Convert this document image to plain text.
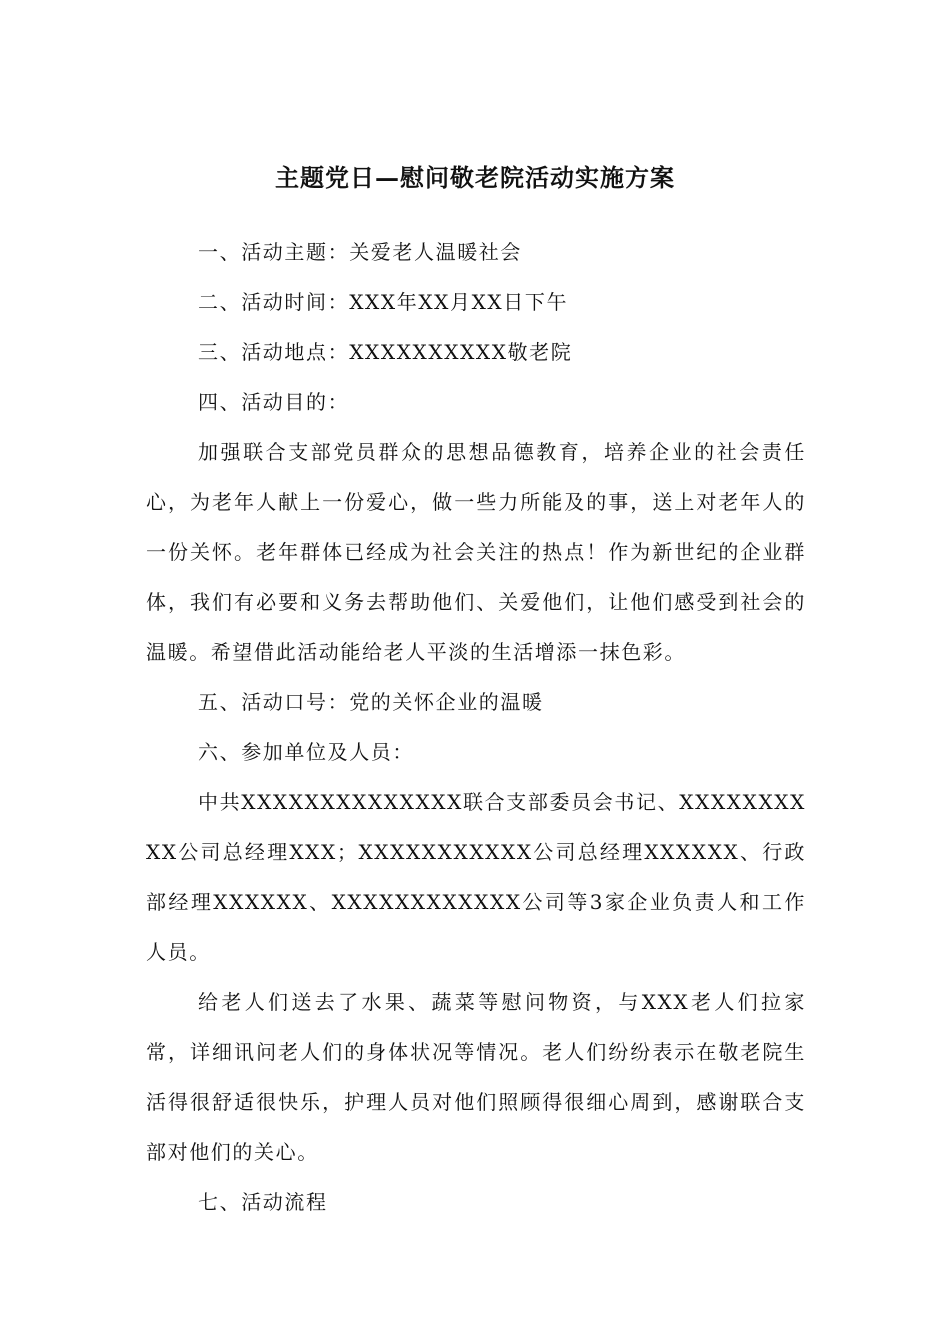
主题党日—慰问敬老院活动实施方案
一、活动主题：关爱老人温暖社会
二、活动时间：XXX年XX月XX日下午
三、活动地点：XXXXXXXXXX敬老院
四、活动目的：
加强联合支部党员群众的思想品德教育，培养企业的社会责任心，为老年人献上一份爱心，做一些力所能及的事，送上对老年人的一份关怀。老年群体已经成为社会关注的热点！作为新世纪的企业群体，我们有必要和义务去帮助他们、关爱他们，让他们感受到社会的温暖。希望借此活动能给老人平淡的生活增添一抹色彩。
五、活动口号：党的关怀企业的温暖
六、参加单位及人员：
中共XXXXXXXXXXXXXX联合支部委员会书记、XXXXXXXXXX公司总经理XXX；XXXXXXXXXXX公司总经理XXXXXX、行政部经理XXXXXX、XXXXXXXXXXXX公司等3家企业负责人和工作人员。
给老人们送去了水果、蔬菜等慰问物资，与XXX老人们拉家常，详细讯问老人们的身体状况等情况。老人们纷纷表示在敬老院生活得很舒适很快乐，护理人员对他们照顾得很细心周到，感谢联合支部对他们的关心。
七、活动流程
